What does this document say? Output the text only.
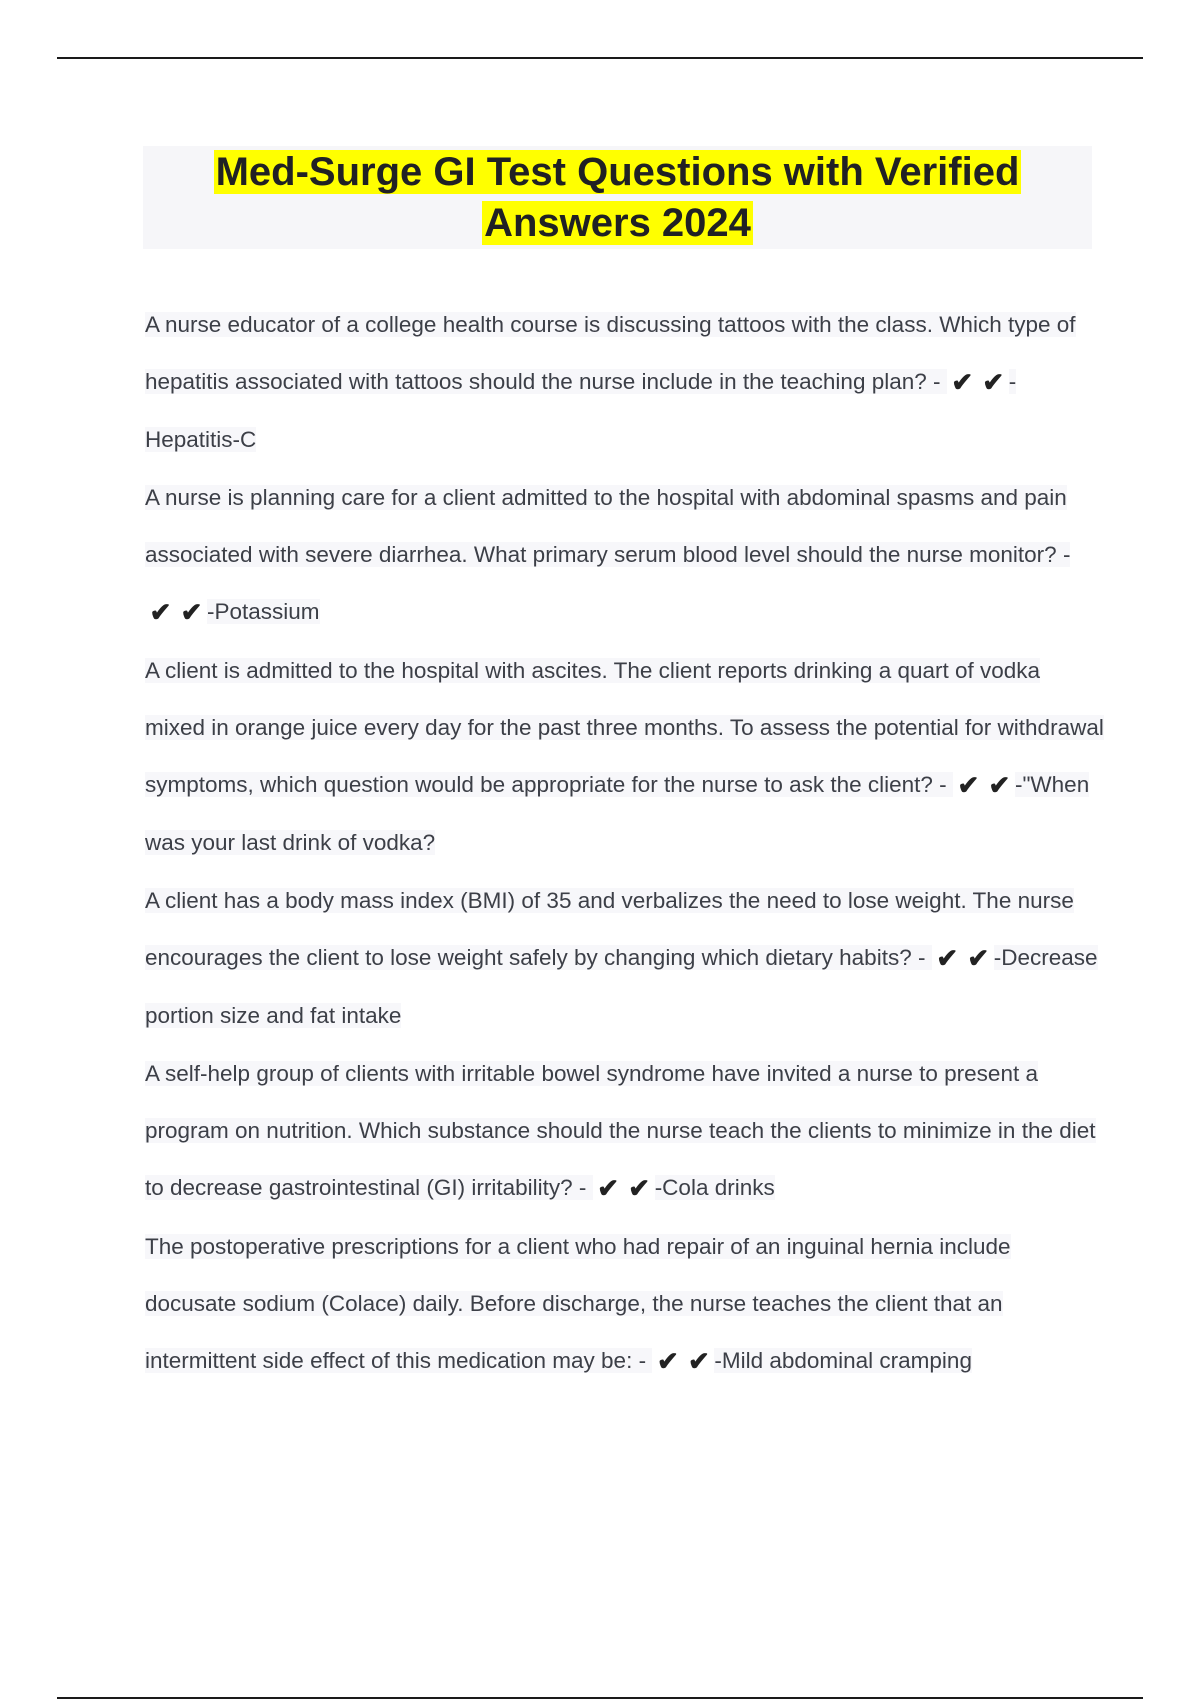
Med-Surge GI Test Questions with Verified Answers 2024

A nurse educator of a college health course is discussing tattoos with the class. Which type of hepatitis associated with tattoos should the nurse include in the teaching plan? - ✔ ✔ -Hepatitis-C

A nurse is planning care for a client admitted to the hospital with abdominal spasms and pain associated with severe diarrhea. What primary serum blood level should the nurse monitor? - ✔ ✔ -Potassium

A client is admitted to the hospital with ascites. The client reports drinking a quart of vodka mixed in orange juice every day for the past three months. To assess the potential for withdrawal symptoms, which question would be appropriate for the nurse to ask the client? - ✔ ✔ -"When was your last drink of vodka?

A client has a body mass index (BMI) of 35 and verbalizes the need to lose weight. The nurse encourages the client to lose weight safely by changing which dietary habits? - ✔ ✔ -Decrease portion size and fat intake

A self-help group of clients with irritable bowel syndrome have invited a nurse to present a program on nutrition. Which substance should the nurse teach the clients to minimize in the diet to decrease gastrointestinal (GI) irritability? - ✔ ✔ -Cola drinks

The postoperative prescriptions for a client who had repair of an inguinal hernia include docusate sodium (Colace) daily. Before discharge, the nurse teaches the client that an intermittent side effect of this medication may be: - ✔ ✔ -Mild abdominal cramping
